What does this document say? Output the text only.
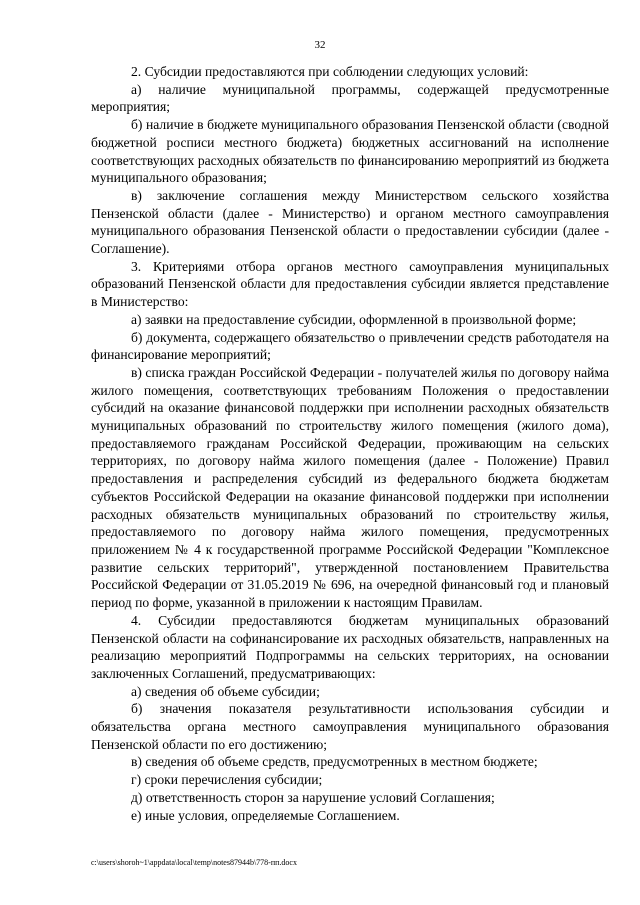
32

2. Субсидии предоставляются при соблюдении следующих условий:

а) наличие муниципальной программы, содержащей предусмотренные мероприятия;

б) наличие в бюджете муниципального образования Пензенской области (сводной бюджетной росписи местного бюджета) бюджетных ассигнований на исполнение соответствующих расходных обязательств по финансированию мероприятий из бюджета муниципального образования;

в) заключение соглашения между Министерством сельского хозяйства Пензенской области (далее - Министерство) и органом местного самоуправления муниципального образования Пензенской области о предоставлении субсидии (далее - Соглашение).

3. Критериями отбора органов местного самоуправления муниципальных образований Пензенской области для предоставления субсидии является представление в Министерство:

а) заявки на предоставление субсидии, оформленной в произвольной форме;

б) документа, содержащего обязательство о привлечении средств работодателя на финансирование мероприятий;

в) списка граждан Российской Федерации - получателей жилья по договору найма жилого помещения, соответствующих требованиям Положения о предоставлении субсидий на оказание финансовой поддержки при исполнении расходных обязательств муниципальных образований по строительству жилого помещения (жилого дома), предоставляемого гражданам Российской Федерации, проживающим на сельских территориях, по договору найма жилого помещения (далее - Положение) Правил предоставления и распределения субсидий из федерального бюджета бюджетам субъектов Российской Федерации на оказание финансовой поддержки при исполнении расходных обязательств муниципальных образований по строительству жилья, предоставляемого по договору найма жилого помещения, предусмотренных приложением № 4 к государственной программе Российской Федерации "Комплексное развитие сельских территорий", утвержденной постановлением Правительства Российской Федерации от 31.05.2019 № 696, на очередной финансовый год и плановый период по форме, указанной в приложении к настоящим Правилам.

4. Субсидии предоставляются бюджетам муниципальных образований Пензенской области на софинансирование их расходных обязательств, направленных на реализацию мероприятий Подпрограммы на сельских территориях, на основании заключенных Соглашений, предусматривающих:

а) сведения об объеме субсидии;

б) значения показателя результативности использования субсидии и обязательства органа местного самоуправления муниципального образования Пензенской области по его достижению;

в) сведения об объеме средств, предусмотренных в местном бюджете;

г) сроки перечисления субсидии;

д) ответственность сторон за нарушение условий Соглашения;

е) иные условия, определяемые Соглашением.

c:\users\shoroh~1\appdata\local\temp\notes87944b\778-пп.docx
